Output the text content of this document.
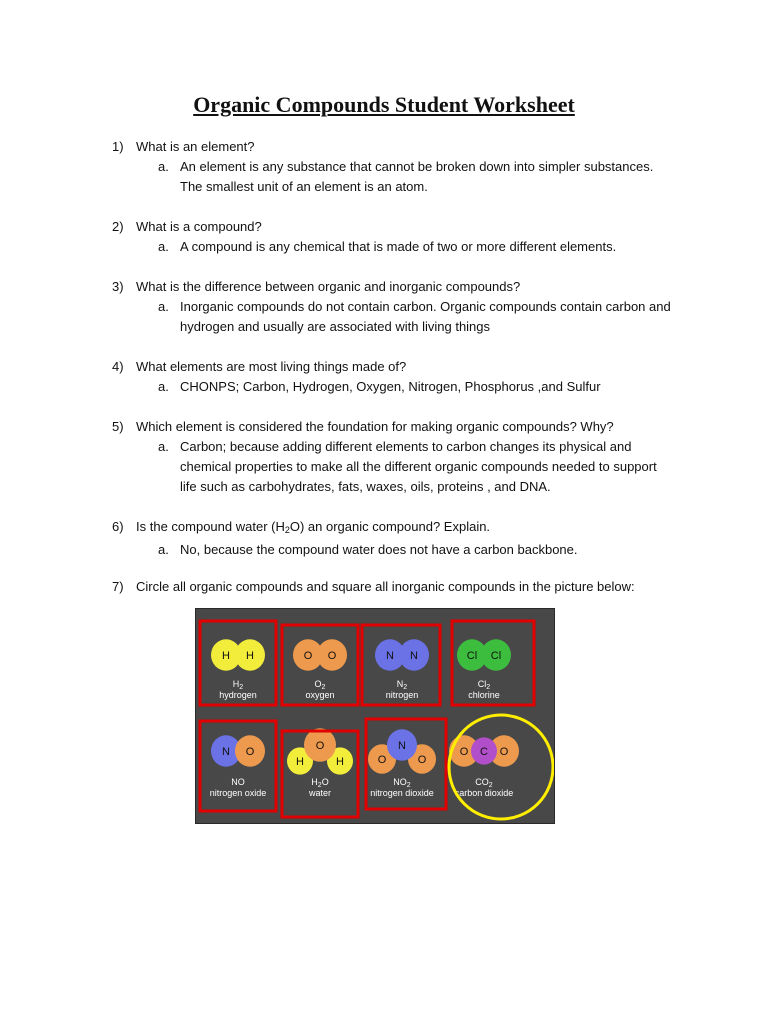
Organic Compounds Student Worksheet
1) What is an element?
a. An element is any substance that cannot be broken down into simpler substances. The smallest unit of an element is an atom.
2) What is a compound?
a. A compound is any chemical that is made of two or more different elements.
3) What is the difference between organic and inorganic compounds?
a. Inorganic compounds do not contain carbon. Organic compounds contain carbon and hydrogen and usually are associated with living things
4) What elements are most living things made of?
a. CHONPS; Carbon, Hydrogen, Oxygen, Nitrogen, Phosphorus ,and Sulfur
5) Which element is considered the foundation for making organic compounds? Why?
a. Carbon; because adding different elements to carbon changes its physical and chemical properties to make all the different organic compounds needed to support life such as carbohydrates, fats, waxes, oils, proteins , and DNA.
6) Is the compound water $(H_2O)$ an organic compound? Explain.
a. No, because the compound water does not have a carbon backbone.
7) Circle all organic compounds and square all inorganic compounds in the picture below:
H H
$H_2$
hydrogen
O O
$O_2$
oxygen
N N
$N_2$
nitrogen
Cl Cl
$Cl_2$
chlorine
N O
NO
nitrogen oxide
H	H
O
$H_2O$
water
O	O
N
$NO_2$
nitrogen dioxide
O	O
C
$CO_2$
carbon dioxide
